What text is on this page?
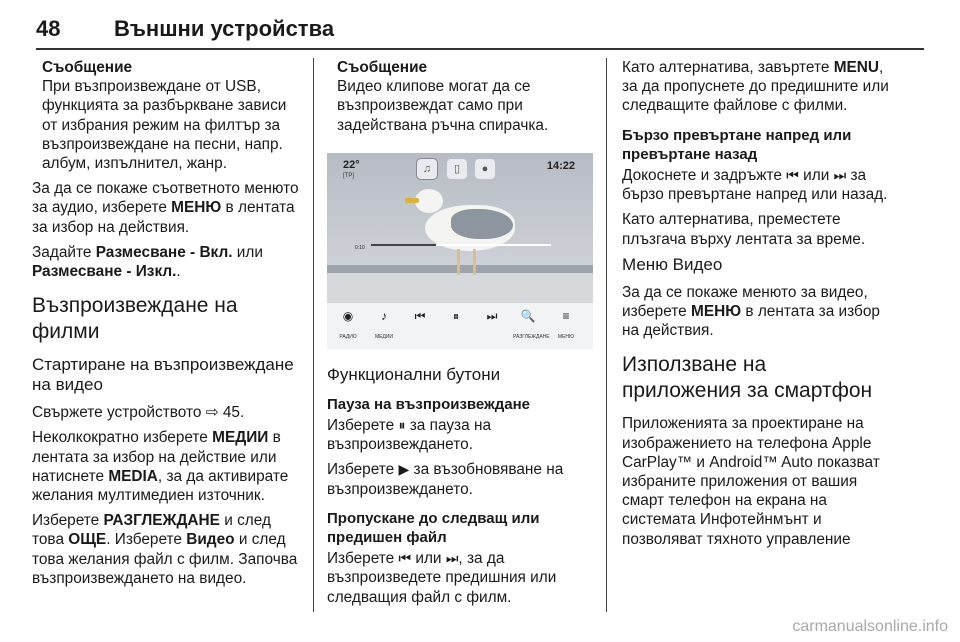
48 Външни устройства
Съобщение
При възпроизвеждане от USB, функцията за разбъркване зависи от избрания режим на филтър за възпроизвеждане на песни, напр. албум, изпълнител, жанр.

За да се покаже съответното менюто за аудио, изберете МЕНЮ в лентата за избор на действия.

Задайте Размесване - Вкл. или Размесване - Изкл..

Възпроизвеждане на филми
Стартиране на възпроизвеждане на видео

Свържете устройството ⇨ 45.

Неколкократно изберете МЕДИИ в лентата за избор на действие или натиснете MEDIA, за да активирате желания мултимедиен източник.

Изберете РАЗГЛЕЖДАНЕ и след това ОЩЕ. Изберете Видео и след това желания файл с филм. Започва възпроизвеждането на видео.

Съобщение
Видео клипове могат да се възпроизвеждат само при задействана ръчна спирачка.
22°
[TP]
14:22
♫	▯	●
0:10
◉
РАДИО
♪
МЕДИИ
⏮	⏸	⏭	🔍
РАЗГЛЕЖДАНЕ
≡
МЕНЮ
Функционални бутони
Пауза на възпроизвеждане

Изберете ⏸ за пауза на възпроизвеждането.

Изберете ▶ за възобновяване на възпроизвеждането.

Пропускане до следващ или предишен файл

Изберете ⏮ или ⏭, за да възпроизведете предишния или следващия файл с филм.

Като алтернатива, завъртете MENU, за да пропуснете до предишните или следващите файлове с филми.

Бързо превъртане напред или превъртане назад

Докоснете и задръжте ⏮ или ⏭ за бързо превъртане напред или назад.

Като алтернатива, преместете плъзгача върху лентата за време.

Меню Видео

За да се покаже менюто за видео, изберете МЕНЮ в лентата за избор на действия.

Използване на приложения за смартфон

Приложенията за проектиране на изображението на телефона Apple CarPlay™ и Android™ Auto показват избраните приложения от вашия смарт телефон на екрана на системата Инфотейнмънт и позволяват тяхното управление

carmanualsonline.info
